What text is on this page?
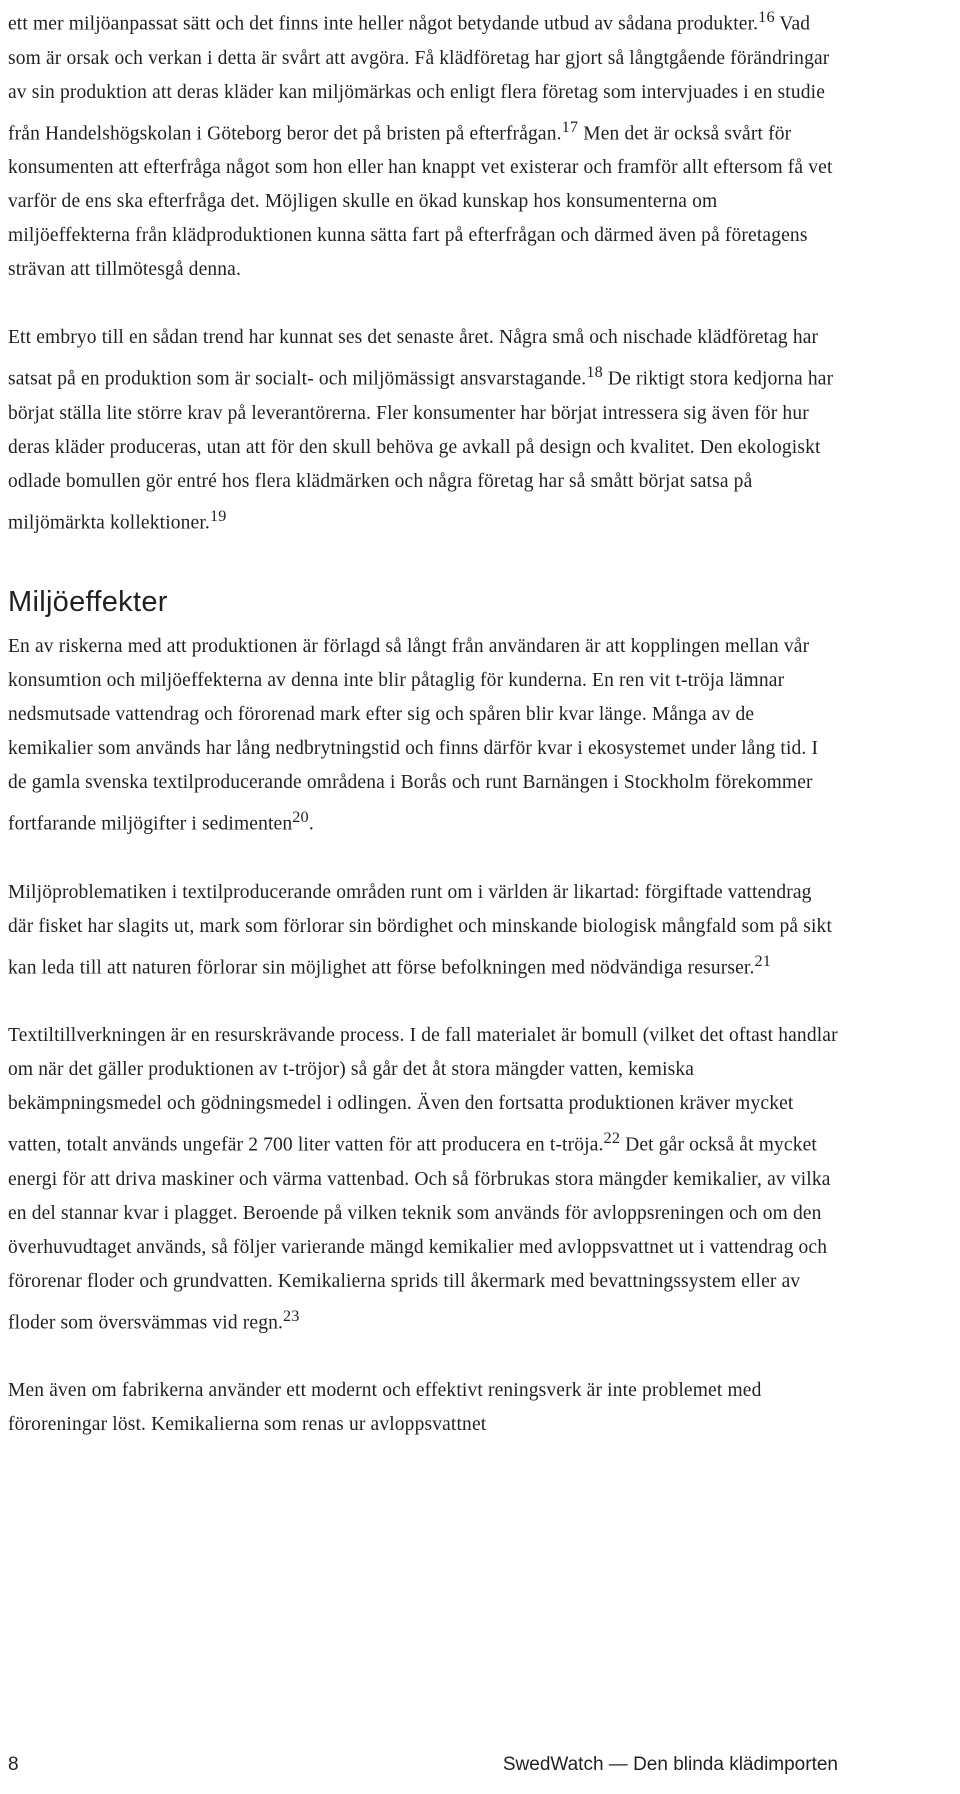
ett mer miljöanpassat sätt och det finns inte heller något betydande utbud av sådana produkter.$^{16}$ Vad som är orsak och verkan i detta är svårt att avgöra. Få klädföretag har gjort så långtgående förändringar av sin produktion att deras kläder kan miljömärkas och enligt flera företag som intervjuades i en studie från Handelshögskolan i Göteborg beror det på bristen på efterfrågan.$^{17}$ Men det är också svårt för konsumenten att efterfråga något som hon eller han knappt vet existerar och framför allt eftersom få vet varför de ens ska efterfråga det. Möjligen skulle en ökad kunskap hos konsumenterna om miljöeffekterna från klädproduktionen kunna sätta fart på efterfrågan och därmed även på företagens strävan att tillmötesgå denna.

Ett embryo till en sådan trend har kunnat ses det senaste året. Några små och nischade klädföretag har satsat på en produktion som är socialt- och miljömässigt ansvarstagande.$^{18}$ De riktigt stora kedjorna har börjat ställa lite större krav på leverantörerna. Fler konsumenter har börjat intressera sig även för hur deras kläder produceras, utan att för den skull behöva ge avkall på design och kvalitet. Den ekologiskt odlade bomullen gör entré hos flera klädmärken och några företag har så smått börjat satsa på miljömärkta kollektioner.$^{19}$

Miljöeffekter

En av riskerna med att produktionen är förlagd så långt från användaren är att kopplingen mellan vår konsumtion och miljöeffekterna av denna inte blir påtaglig för kunderna. En ren vit t-tröja lämnar nedsmutsade vattendrag och förorenad mark efter sig och spåren blir kvar länge. Många av de kemikalier som används har lång nedbrytningstid och finns därför kvar i ekosystemet under lång tid. I de gamla svenska textilproducerande områdena i Borås och runt Barnängen i Stockholm förekommer fortfarande miljögifter i sedimenten$^{20}$.

Miljöproblematiken i textilproducerande områden runt om i världen är likartad: förgiftade vattendrag där fisket har slagits ut, mark som förlorar sin bördighet och minskande biologisk mångfald som på sikt kan leda till att naturen förlorar sin möjlighet att förse befolkningen med nödvändiga resurser.$^{21}$

Textiltillverkningen är en resurskrävande process. I de fall materialet är bomull (vilket det oftast handlar om när det gäller produktionen av t-tröjor) så går det åt stora mängder vatten, kemiska bekämpningsmedel och gödningsmedel i odlingen. Även den fortsatta produktionen kräver mycket vatten, totalt används ungefär 2 700 liter vatten för att producera en t-tröja.$^{22}$ Det går också åt mycket energi för att driva maskiner och värma vattenbad. Och så förbrukas stora mängder kemikalier, av vilka en del stannar kvar i plagget. Beroende på vilken teknik som används för avloppsreningen och om den överhuvudtaget används, så följer varierande mängd kemikalier med avloppsvattnet ut i vattendrag och förorenar floder och grundvatten. Kemikalierna sprids till åkermark med bevattningssystem eller av floder som översvämmas vid regn.$^{23}$

Men även om fabrikerna använder ett modernt och effektivt reningsverk är inte problemet med föroreningar löst. Kemikalierna som renas ur avloppsvattnet

8	SwedWatch — Den blinda klädimporten
